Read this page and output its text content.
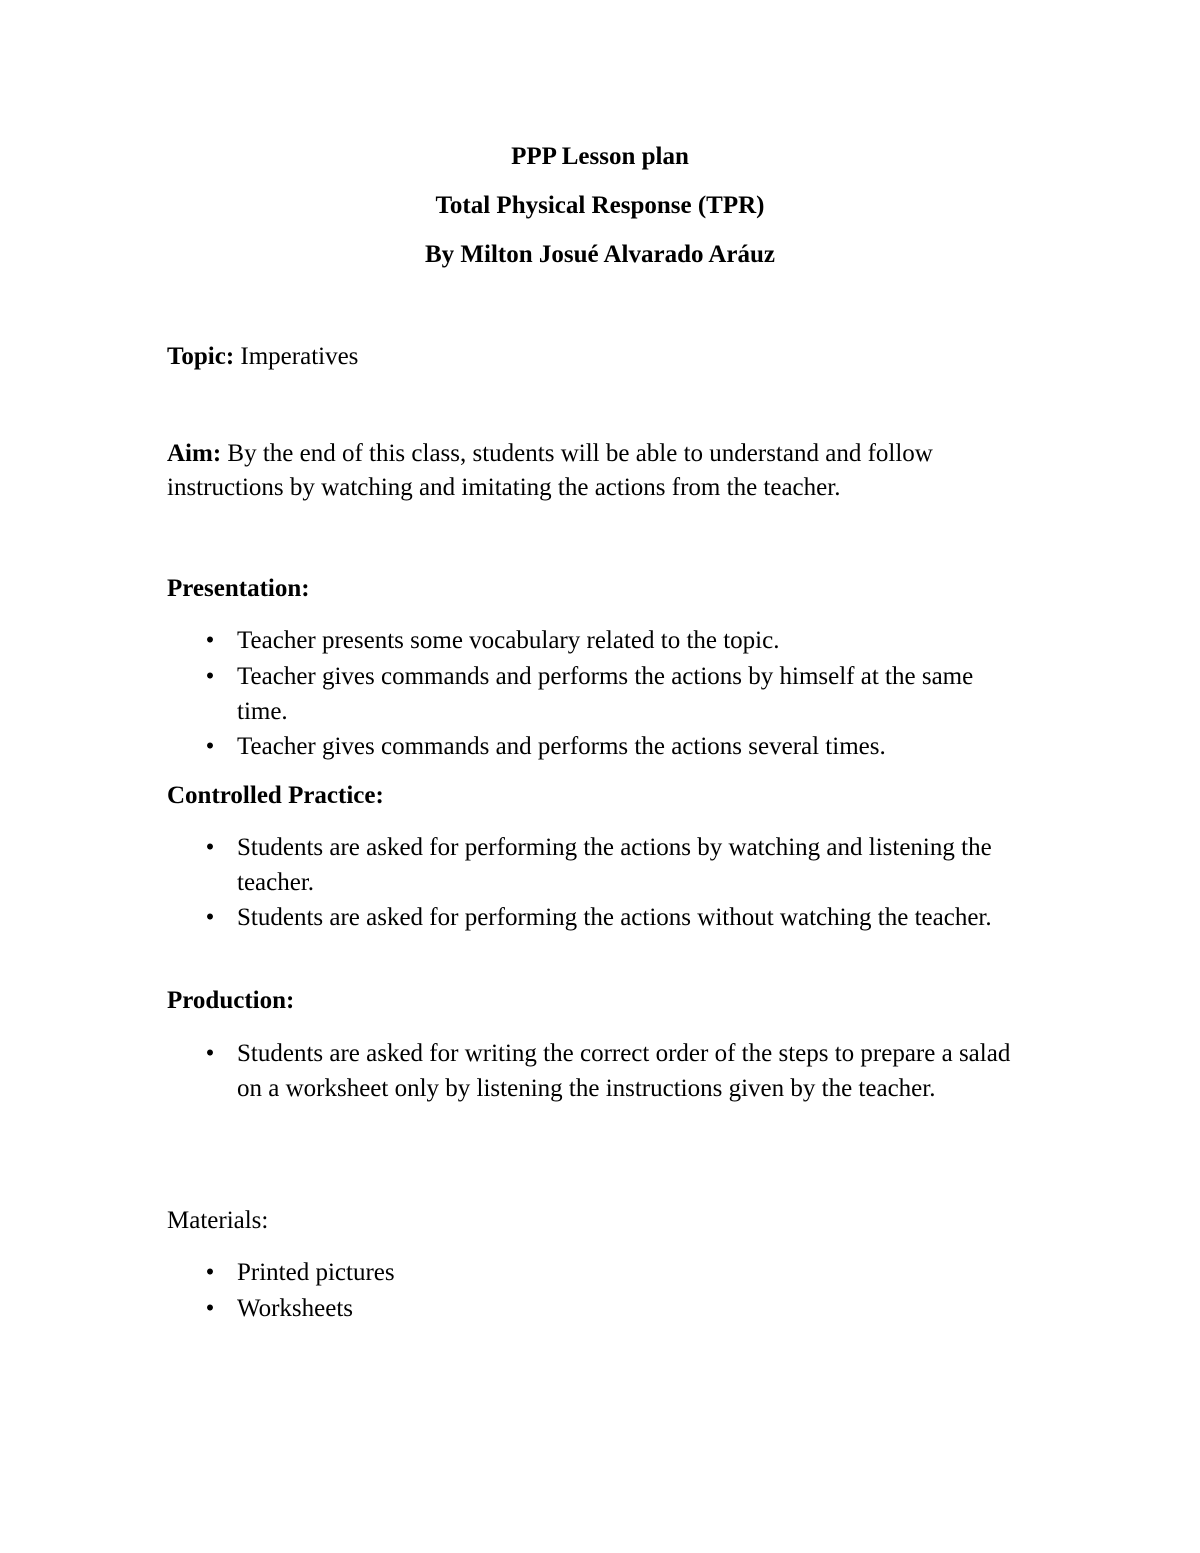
PPP Lesson plan
Total Physical Response (TPR)
By Milton Josué Alvarado Aráuz
Topic: Imperatives
Aim: By the end of this class, students will be able to understand and follow instructions by watching and imitating the actions from the teacher.
Presentation:
• Teacher presents some vocabulary related to the topic.
• Teacher gives commands and performs the actions by himself at the same time.
• Teacher gives commands and performs the actions several times.
Controlled Practice:
• Students are asked for performing the actions by watching and listening the teacher.
• Students are asked for performing the actions without watching the teacher.
Production:
• Students are asked for writing the correct order of the steps to prepare a salad on a worksheet only by listening the instructions given by the teacher.
Materials:
• Printed pictures
• Worksheets
